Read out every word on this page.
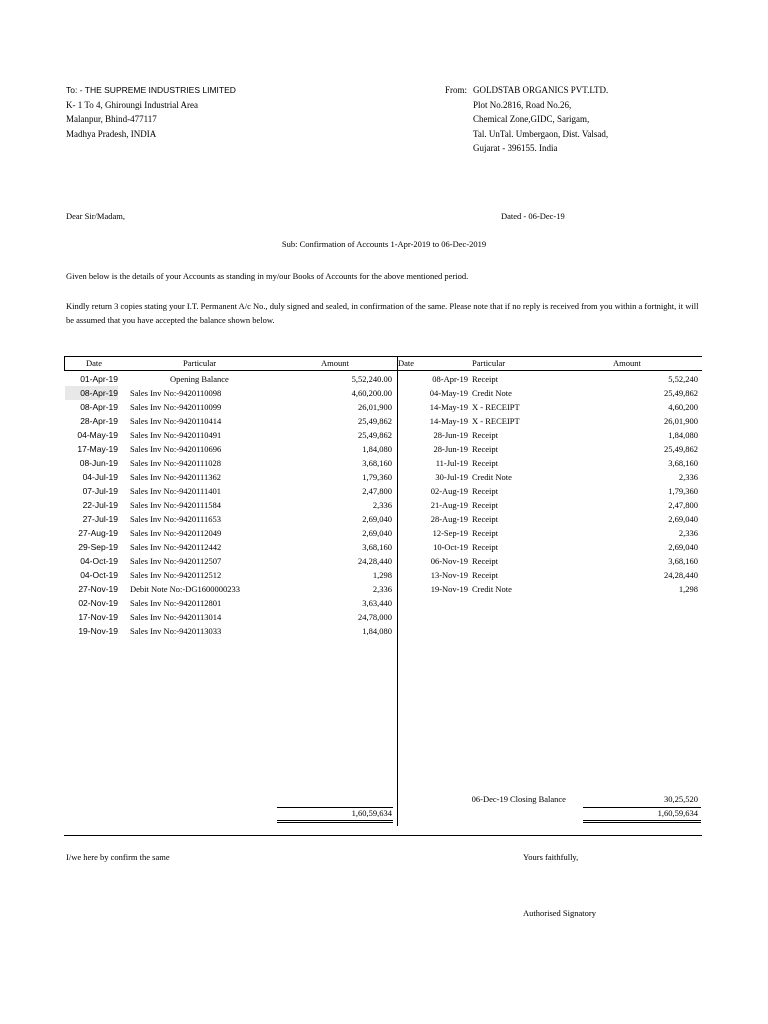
To: - THE SUPREME INDUSTRIES LIMITED
K- 1 To 4, Ghiroungi Industrial Area
Malanpur, Bhind-477117
Madhya Pradesh, INDIA
From: GOLDSTAB ORGANICS PVT.LTD.
Plot No.2816, Road No.26,
Chemical Zone,GIDC, Sarigam,
Tal. UnTal. Umbergaon, Dist. Valsad,
Gujarat - 396155. India
Dear Sir/Madam,	Dated - 06-Dec-19
Sub: Confirmation of Accounts 1-Apr-2019 to 06-Dec-2019
Given below is the details of your Accounts as standing in my/our Books of Accounts for the above mentioned period.
Kindly return 3 copies stating your I.T. Permanent A/c No., duly signed and sealed, in confirmation of the same. Please note that if no reply is received from you within a fortnight, it will be assumed that you have accepted the balance shown below.
Date	Particular	Amount	Date	Particular	Amount
01-Apr-19	Opening Balance	5,52,240.00
08-Apr-19 Sales Inv No:-9420110098	4,60,200.00
08-Apr-19 Sales Inv No:-9420110099	26,01,900
28-Apr-19 Sales Inv No:-9420110414	25,49,862
04-May-19 Sales Inv No:-9420110491	25,49,862
17-May-19 Sales Inv No:-9420110696	1,84,080
08-Jun-19 Sales Inv No:-9420111028	3,68,160
04-Jul-19 Sales Inv No:-9420111362	1,79,360
07-Jul-19 Sales Inv No:-9420111401	2,47,800
22-Jul-19 Sales Inv No:-9420111584	2,336
27-Jul-19 Sales Inv No:-9420111653	2,69,040
27-Aug-19 Sales Inv No:-9420112049	2,69,040
29-Sep-19 Sales Inv No:-9420112442	3,68,160
04-Oct-19 Sales Inv No:-9420112507	24,28,440
04-Oct-19 Sales Inv No:-9420112512	1,298
27-Nov-19 Debit Note No:-DG1600000233	2,336
02-Nov-19 Sales Inv No:-9420112801	3,63,440
17-Nov-19 Sales Inv No:-9420113014	24,78,000
19-Nov-19 Sales Inv No:-9420113033	1,84,080
08-Apr-19 Receipt	5,52,240
04-May-19 Credit Note	25,49,862
14-May-19 X - RECEIPT	4,60,200
14-May-19 X - RECEIPT	26,01,900
28-Jun-19 Receipt	1,84,080
28-Jun-19 Receipt	25,49,862
11-Jul-19 Receipt	3,68,160
30-Jul-19 Credit Note	2,336
02-Aug-19 Receipt	1,79,360
21-Aug-19 Receipt	2,47,800
28-Aug-19 Receipt	2,69,040
12-Sep-19 Receipt	2,336
10-Oct-19 Receipt	2,69,040
06-Nov-19 Receipt	3,68,160
13-Nov-19 Receipt	24,28,440
19-Nov-19 Credit Note	1,298
06-Dec-19 Closing Balance	30,25,520
1,60,59,634	1,60,59,634
I/we here by confirm the same	Yours faithfully,
Authorised Signatory
